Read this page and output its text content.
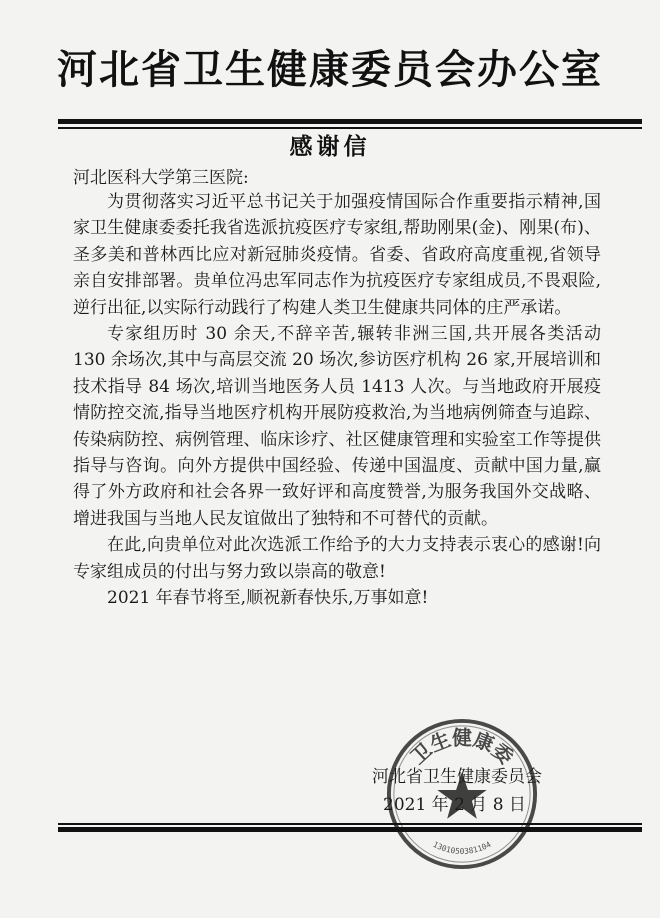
河北省卫生健康委员会办公室
感谢信
河北医科大学第三医院:

为贯彻落实习近平总书记关于加强疫情国际合作重要指示精神,国家卫生健康委委托我省选派抗疫医疗专家组,帮助刚果(金)、刚果(布)、圣多美和普林西比应对新冠肺炎疫情。省委、省政府高度重视,省领导亲自安排部署。贵单位冯忠军同志作为抗疫医疗专家组成员,不畏艰险,逆行出征,以实际行动践行了构建人类卫生健康共同体的庄严承诺。

专家组历时 30 余天,不辞辛苦,辗转非洲三国,共开展各类活动 130 余场次,其中与高层交流 20 场次,参访医疗机构 26 家,开展培训和技术指导 84 场次,培训当地医务人员 1413 人次。与当地政府开展疫情防控交流,指导当地医疗机构开展防疫救治,为当地病例筛查与追踪、传染病防控、病例管理、临床诊疗、社区健康管理和实验室工作等提供指导与咨询。向外方提供中国经验、传递中国温度、贡献中国力量,赢得了外方政府和社会各界一致好评和高度赞誉,为服务我国外交战略、增进我国与当地人民友谊做出了独特和不可替代的贡献。

在此,向贵单位对此次选派工作给予的大力支持表示衷心的感谢!向专家组成员的付出与努力致以崇高的敬意!

2021 年春节将至,顺祝新春快乐,万事如意!

卫生健康委
1301050381104
河北省卫生健康委员会
2021 年 2 月 8 日
